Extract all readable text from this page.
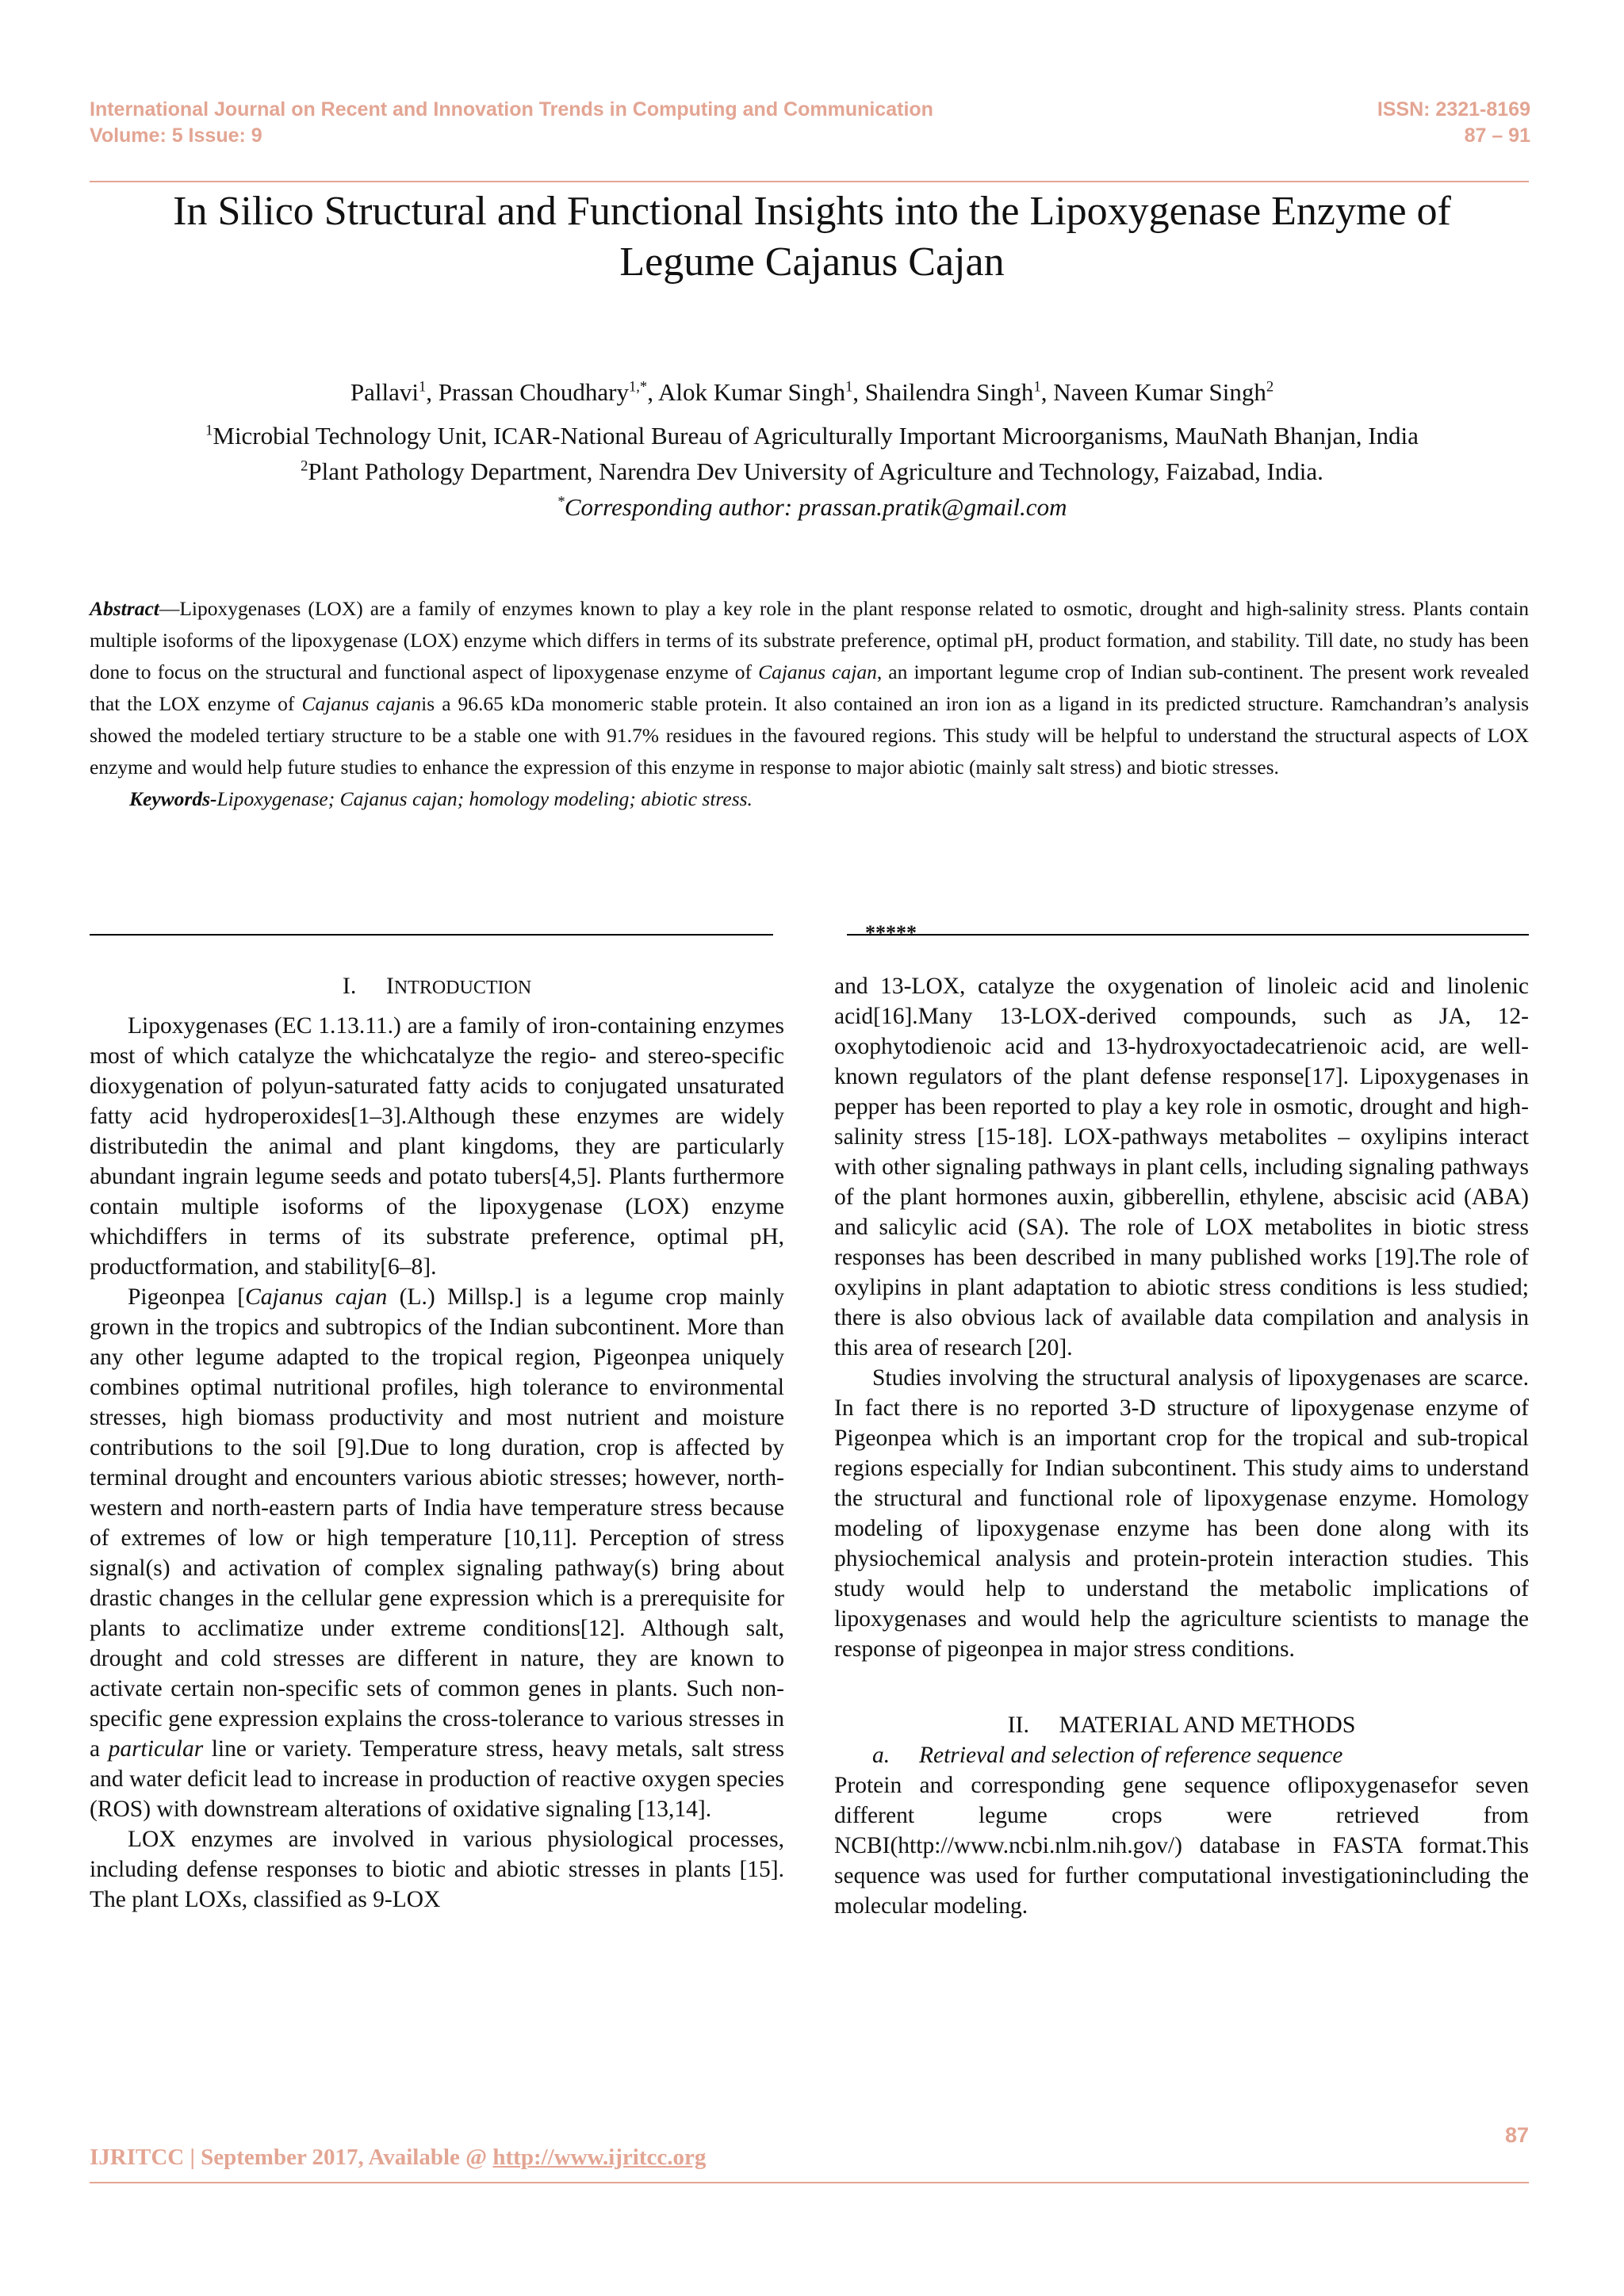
International Journal on Recent and Innovation Trends in Computing and Communication
Volume: 5 Issue: 9
ISSN: 2321-8169
87 – 91
In Silico Structural and Functional Insights into the Lipoxygenase Enzyme of
Legume Cajanus Cajan
Pallavi$^1$, Prassan Choudhary$^{1,*}$, Alok Kumar Singh$^1$, Shailendra Singh$^1$, Naveen Kumar Singh$^2$
$^1$Microbial Technology Unit, ICAR-National Bureau of Agriculturally Important Microorganisms, MauNath Bhanjan, India
$^2$Plant Pathology Department, Narendra Dev University of Agriculture and Technology, Faizabad, India.
*Corresponding author: prassan.pratik@gmail.com

Abstract—Lipoxygenases (LOX) are a family of enzymes known to play a key role in the plant response related to osmotic, drought and high-salinity stress. Plants contain multiple isoforms of the lipoxygenase (LOX) enzyme which differs in terms of its substrate preference, optimal pH, product formation, and stability. Till date, no study has been done to focus on the structural and functional aspect of lipoxygenase enzyme of Cajanus cajan, an important legume crop of Indian sub-continent. The present work revealed that the LOX enzyme of Cajanus cajanis a 96.65 kDa monomeric stable protein. It also contained an iron ion as a ligand in its predicted structure. Ramchandran’s analysis showed the modeled tertiary structure to be a stable one with 91.7% residues in the favoured regions. This study will be helpful to understand the structural aspects of LOX enzyme and would help future studies to enhance the expression of this enzyme in response to major abiotic (mainly salt stress) and biotic stresses.

Keywords-Lipoxygenase; Cajanus cajan; homology modeling; abiotic stress.

*****

I. INTRODUCTION

Lipoxygenases (EC 1.13.11.) are a family of iron-containing enzymes most of which catalyze the whichcatalyze the regio- and stereo-specific dioxygenation of polyun-saturated fatty acids to conjugated unsaturated fatty acid hydroperoxides[1–3].Although these enzymes are widely distributedin the animal and plant kingdoms, they are particularly abundant ingrain legume seeds and potato tubers[4,5]. Plants furthermore contain multiple isoforms of the lipoxygenase (LOX) enzyme whichdiffers in terms of its substrate preference, optimal pH, productformation, and stability[6–8].

Pigeonpea [Cajanus cajan (L.) Millsp.] is a legume crop mainly grown in the tropics and subtropics of the Indian subcontinent. More than any other legume adapted to the tropical region, Pigeonpea uniquely combines optimal nutritional profiles, high tolerance to environmental stresses, high biomass productivity and most nutrient and moisture contributions to the soil [9].Due to long duration, crop is affected by terminal drought and encounters various abiotic stresses; however, north-western and north-eastern parts of India have temperature stress because of extremes of low or high temperature [10,11]. Perception of stress signal(s) and activation of complex signaling pathway(s) bring about drastic changes in the cellular gene expression which is a prerequisite for plants to acclimatize under extreme conditions[12]. Although salt, drought and cold stresses are different in nature, they are known to activate certain non-specific sets of common genes in plants. Such non-specific gene expression explains the cross-tolerance to various stresses in a particular line or variety. Temperature stress, heavy metals, salt stress and water deficit lead to increase in production of reactive oxygen species (ROS) with downstream alterations of oxidative signaling [13,14].

LOX enzymes are involved in various physiological processes, including defense responses to biotic and abiotic stresses in plants [15]. The plant LOXs, classified as 9-LOX

and 13-LOX, catalyze the oxygenation of linoleic acid and linolenic acid[16].Many 13-LOX-derived compounds, such as JA, 12-oxophytodienoic acid and 13-hydroxyoctadecatrienoic acid, are well-known regulators of the plant defense response[17]. Lipoxygenases in pepper has been reported to play a key role in osmotic, drought and high-salinity stress [15-18]. LOX-pathways metabolites – oxylipins interact with other signaling pathways in plant cells, including signaling pathways of the plant hormones auxin, gibberellin, ethylene, abscisic acid (ABA) and salicylic acid (SA). The role of LOX metabolites in biotic stress responses has been described in many published works [19].The role of oxylipins in plant adaptation to abiotic stress conditions is less studied; there is also obvious lack of available data compilation and analysis in this area of research [20].

Studies involving the structural analysis of lipoxygenases are scarce. In fact there is no reported 3-D structure of lipoxygenase enzyme of Pigeonpea which is an important crop for the tropical and sub-tropical regions especially for Indian subcontinent. This study aims to understand the structural and functional role of lipoxygenase enzyme. Homology modeling of lipoxygenase enzyme has been done along with its physiochemical analysis and protein-protein interaction studies. This study would help to understand the metabolic implications of lipoxygenases and would help the agriculture scientists to manage the response of pigeonpea in major stress conditions.

II.     MATERIAL AND METHODS

a.     Retrieval and selection of reference sequence

Protein and corresponding gene sequence oflipoxygenasefor seven different legume crops were retrieved from NCBI(http://www.ncbi.nlm.nih.gov/) database in FASTA format.This sequence was used for further computational investigationincluding the molecular modeling.

87
IJRITCC | September 2017, Available @ http://www.ijritcc.org
